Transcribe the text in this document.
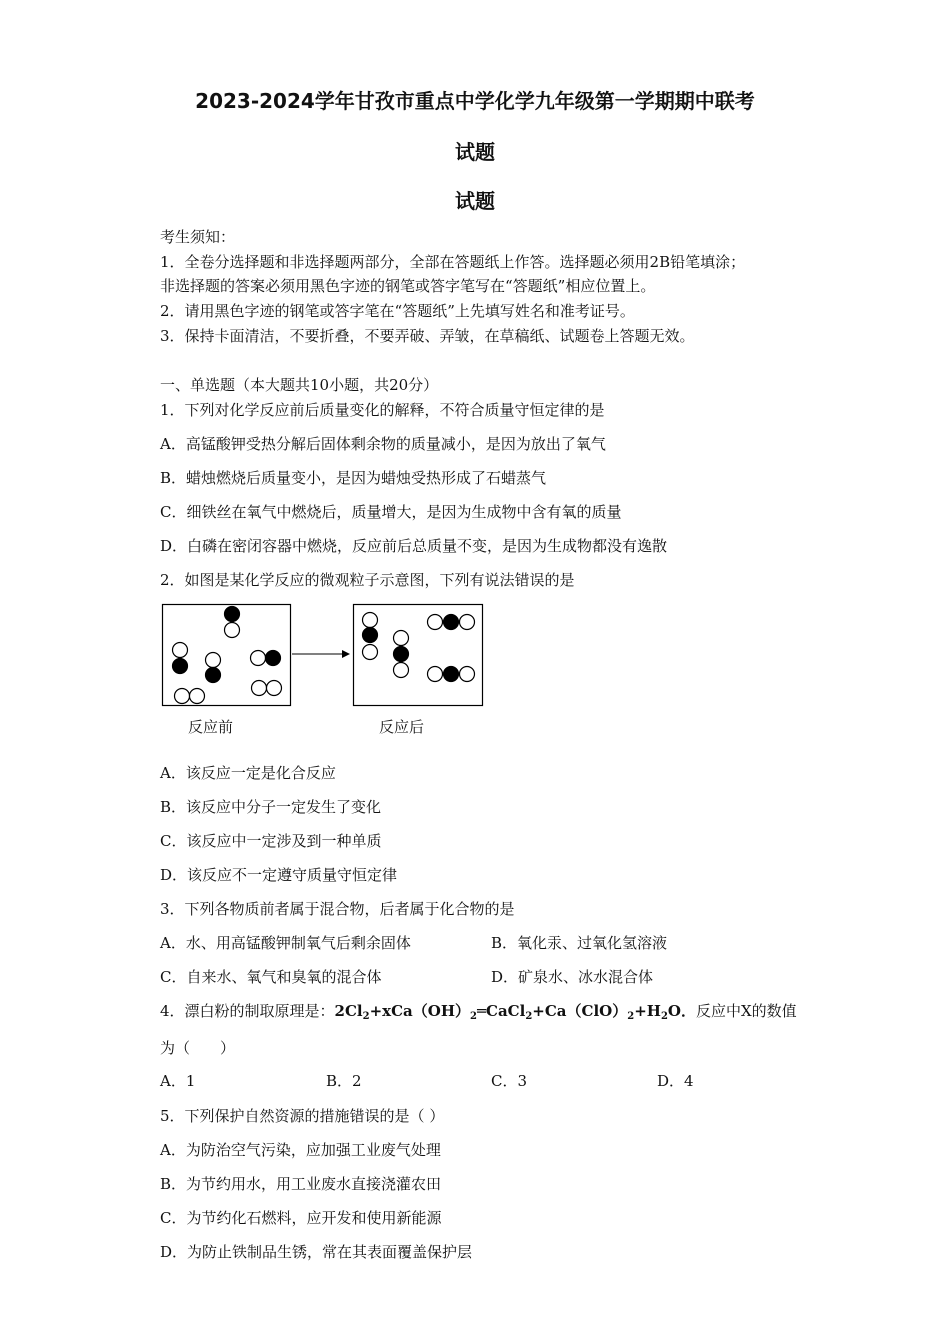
2023-2024学年甘孜市重点中学化学九年级第一学期期中联考
试题
试题
考生须知：
1．全卷分选择题和非选择题两部分，全部在答题纸上作答。选择题必须用2B铅笔填涂；
非选择题的答案必须用黑色字迹的钢笔或答字笔写在“答题纸”相应位置上。
2．请用黑色字迹的钢笔或答字笔在“答题纸”上先填写姓名和准考证号。
3．保持卡面清洁，不要折叠，不要弄破、弄皱，在草稿纸、试题卷上答题无效。
一、单选题（本大题共10小题，共20分）
1．下列对化学反应前后质量变化的解释，不符合质量守恒定律的是
A．高锰酸钾受热分解后固体剩余物的质量减小，是因为放出了氧气
B．蜡烛燃烧后质量变小，是因为蜡烛受热形成了石蜡蒸气
C．细铁丝在氧气中燃烧后，质量增大，是因为生成物中含有氧的质量
D．白磷在密闭容器中燃烧，反应前后总质量不变，是因为生成物都没有逸散
2．如图是某化学反应的微观粒子示意图，下列有说法错误的是
反应前	反应后
A．该反应一定是化合反应
B．该反应中分子一定发生了变化
C．该反应中一定涉及到一种单质
D．该反应不一定遵守质量守恒定律
3．下列各物质前者属于混合物，后者属于化合物的是
A．水、用高锰酸钾制氧气后剩余固体	B．氧化汞、过氧化氢溶液
C．自来水、氧气和臭氧的混合体	D．矿泉水、冰水混合体
4．漂白粉的制取原理是：$2Cl_2+xCa(OH)_2═CaCl_2+Ca(ClO)_2+H_2O$．反应中X的数值
为（　　）
A．1	B．2	C．3	D．4
5．下列保护自然资源的措施错误的是（ ）
A．为防治空气污染，应加强工业废气处理
B．为节约用水，用工业废水直接浇灌农田
C．为节约化石燃料，应开发和使用新能源
D．为防止铁制品生锈，常在其表面覆盖保护层
